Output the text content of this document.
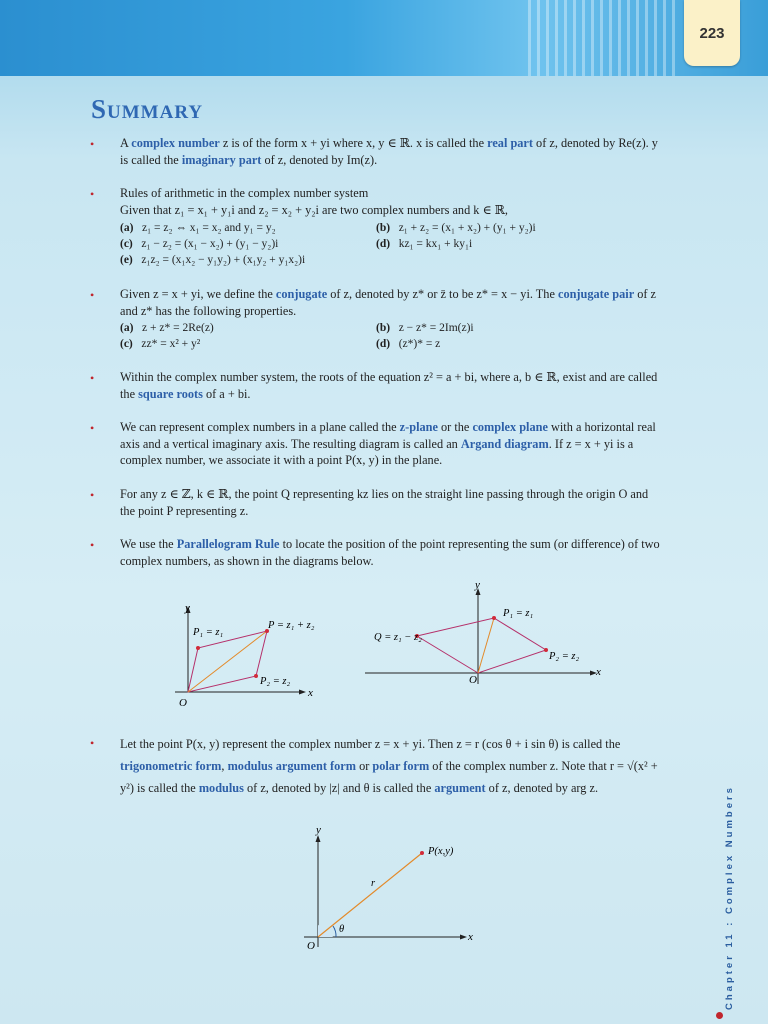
223
Summary
• A complex number z is of the form x + yi where x, y ∈ ℝ. x is called the real part of z, denoted by Re(z). y is called the imaginary part of z, denoted by Im(z).
• Rules of arithmetic in the complex number system
Given that z₁ = x₁ + y₁i and z₂ = x₂ + y₂i are two complex numbers and k ∈ ℝ,
(a) z₁ = z₂ ⇔ x₁ = x₂ and y₁ = y₂	(b) z₁ + z₂ = (x₁ + x₂) + (y₁ + y₂)i
(c) z₁ − z₂ = (x₁ − x₂) + (y₁ − y₂)i	(d) kz₁ = kx₁ + ky₁i
(e) z₁z₂ = (x₁x₂ − y₁y₂) + (x₁y₂ + y₁x₂)i
• Given z = x + yi, we define the conjugate of z, denoted by z* or z̄ to be z* = x − yi. The conjugate pair of z and z* has the following properties.
(a) z + z* = 2Re(z)	(b) z − z* = 2Im(z)i
(c) zz* = x² + y²	(d) (z*)* = z
• Within the complex number system, the roots of the equation z² = a + bi, where a, b ∈ ℝ, exist and are called the square roots of a + bi.
• We can represent complex numbers in a plane called the z-plane or the complex plane with a horizontal real axis and a vertical imaginary axis. The resulting diagram is called an Argand diagram. If z = x + yi is a complex number, we associate it with a point P(x, y) in the plane.
• For any z ∈ ℤ, k ∈ ℝ, the point Q representing kz lies on the straight line passing through the origin O and the point P representing z.
• We use the Parallelogram Rule to locate the position of the point representing the sum (or difference) of two complex numbers, as shown in the diagrams below.
y
x
O
P₁ = z₁
P = z₁ + z₂
P₂ = z₂
y
x
O
P₁ = z₁
Q = z₁ − z₂
P₂ = z₂
• Let the point P(x, y) represent the complex number z = x + yi. Then z = r (cos θ + i sin θ) is called the trigonometric form, modulus argument form or polar form of the complex number z. Note that r = √(x² + y²) is called the modulus of z, denoted by |z| and θ is called the argument of z, denoted by arg z.
y
x
O
P(x,y)
r
θ	Chapter 11 : Complex Numbers
